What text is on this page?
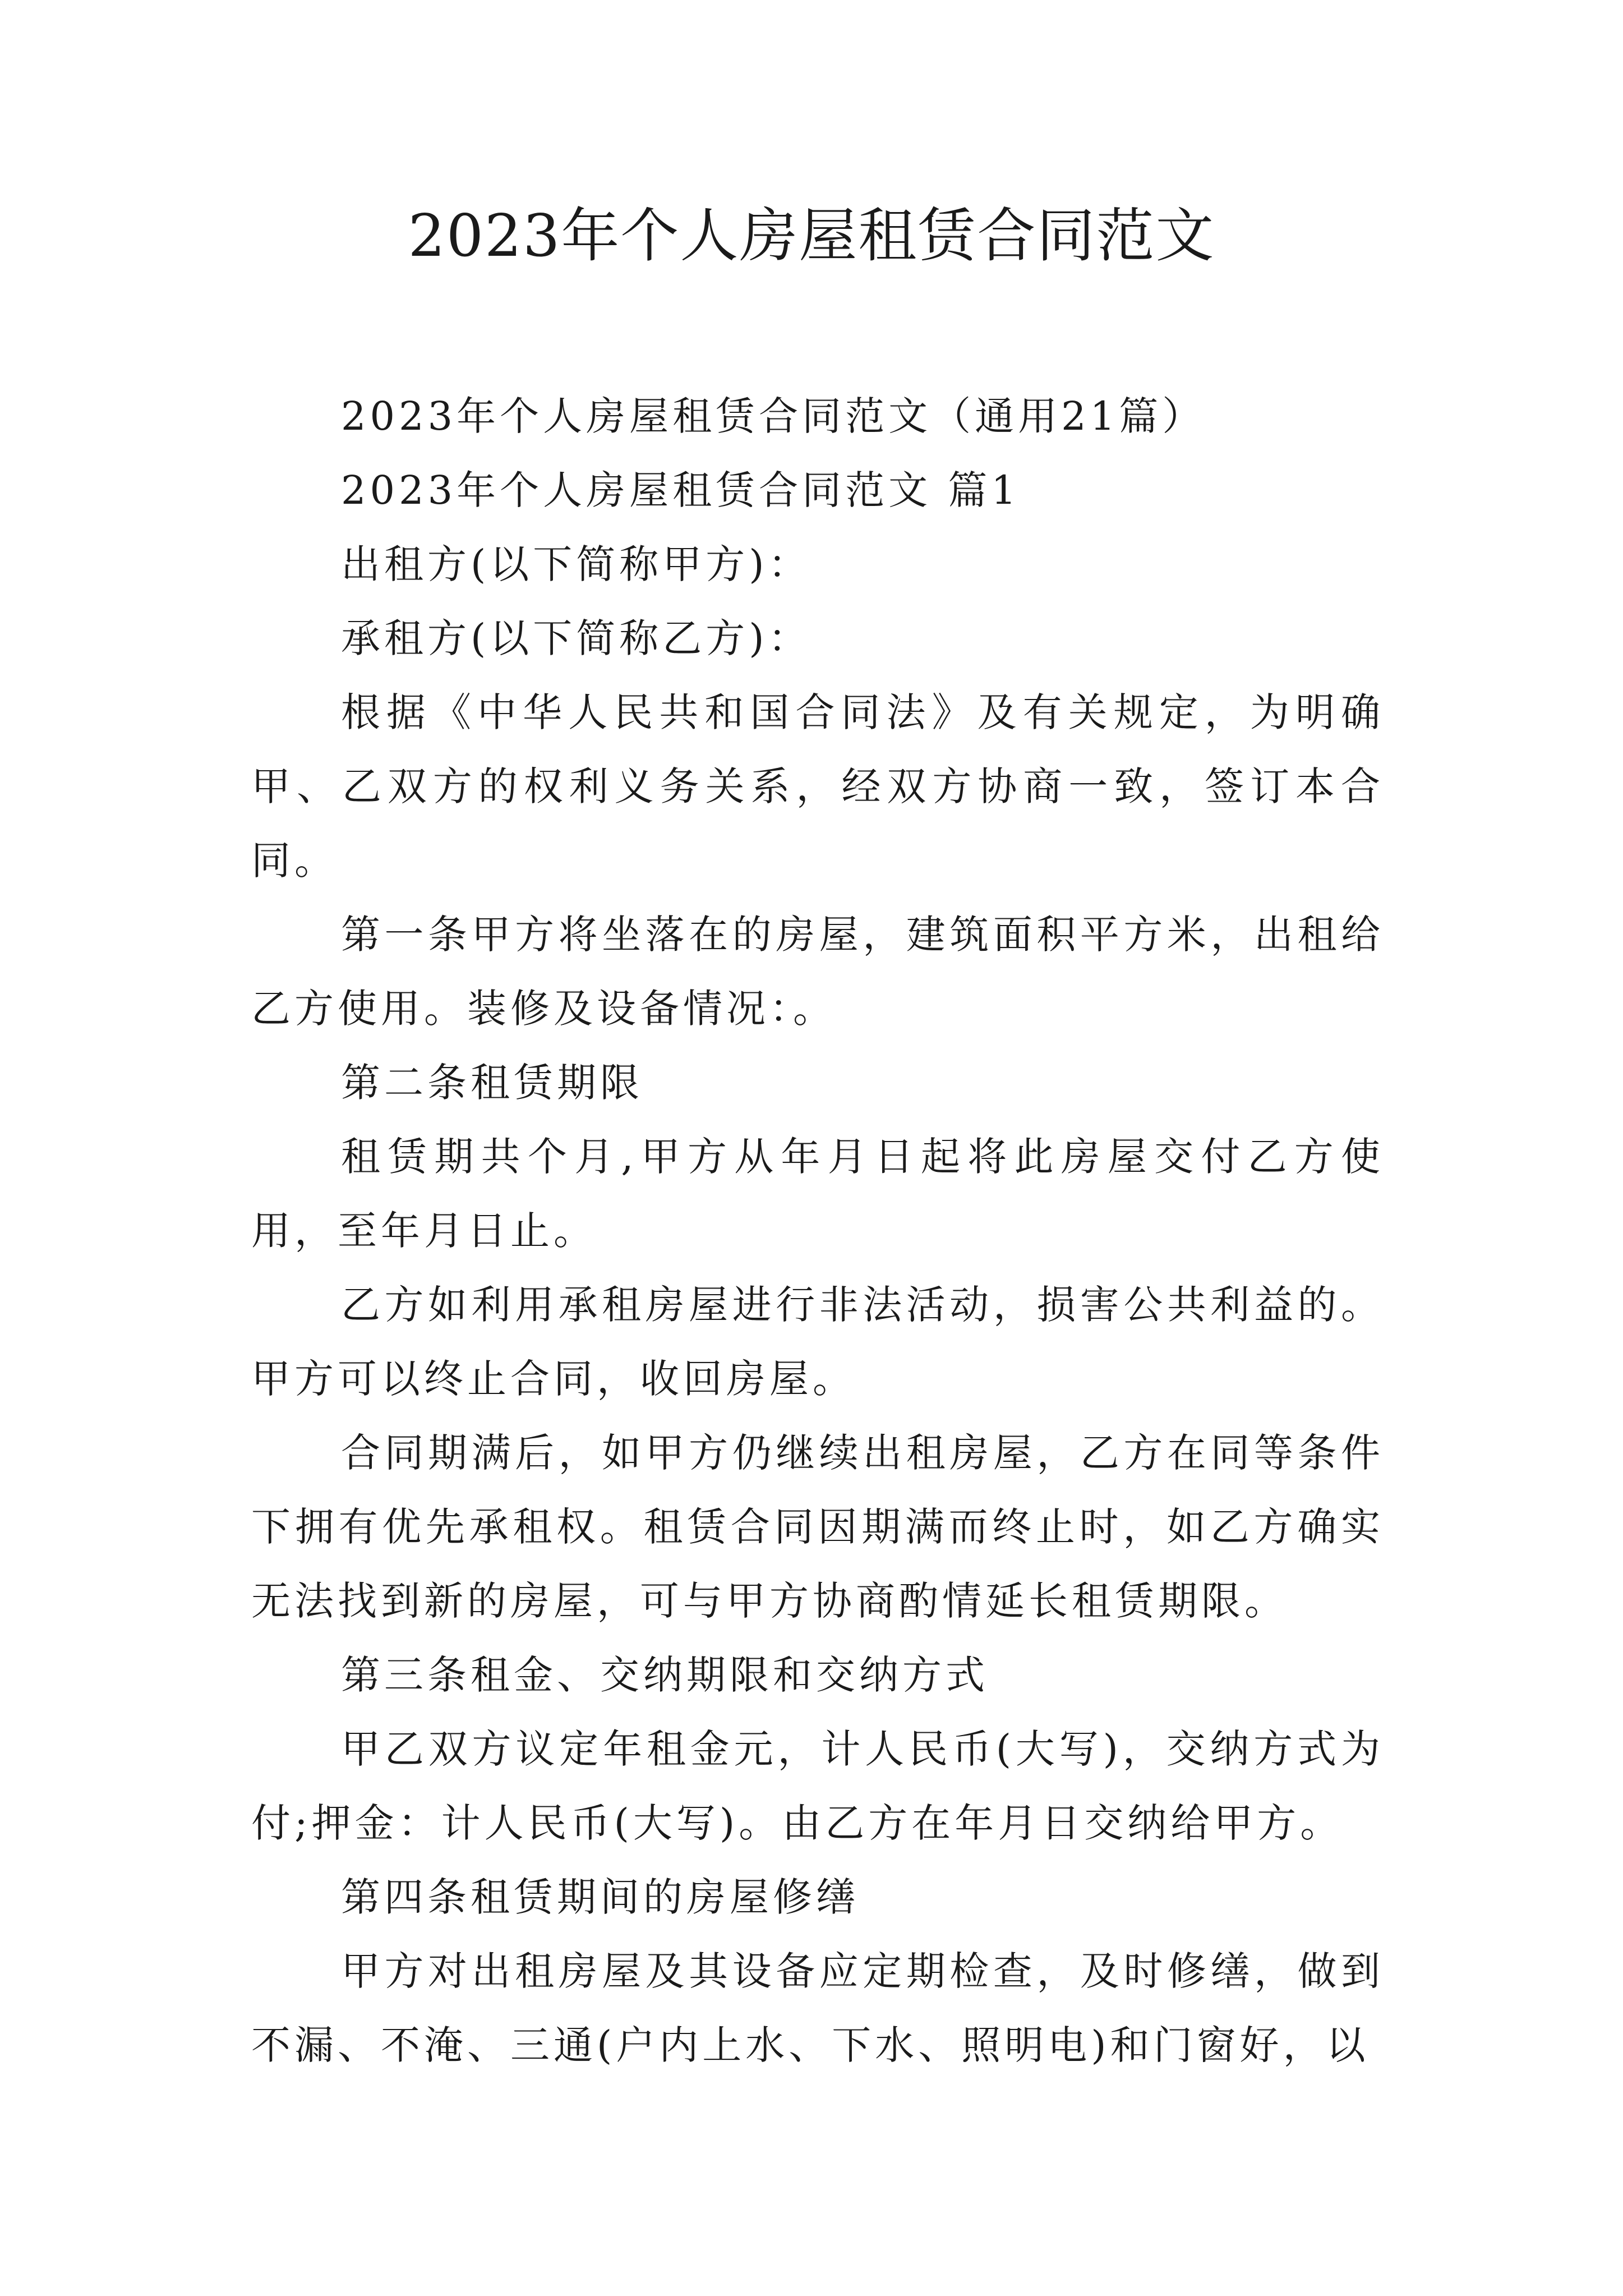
2023年个人房屋租赁合同范文

2023年个人房屋租赁合同范文（通用21篇）

2023年个人房屋租赁合同范文 篇1

出租方(以下简称甲方)：

承租方(以下简称乙方)：

根据《中华人民共和国合同法》及有关规定，为明确甲、乙双方的权利义务关系，经双方协商一致，签订本合同。

第一条甲方将坐落在的房屋，建筑面积平方米，出租给乙方使用。装修及设备情况：。

第二条租赁期限

租赁期共个月,甲方从年月日起将此房屋交付乙方使用，至年月日止。

乙方如利用承租房屋进行非法活动，损害公共利益的。甲方可以终止合同，收回房屋。

合同期满后，如甲方仍继续出租房屋，乙方在同等条件下拥有优先承租权。租赁合同因期满而终止时，如乙方确实无法找到新的房屋，可与甲方协商酌情延长租赁期限。

第三条租金、交纳期限和交纳方式

甲乙双方议定年租金元，计人民币(大写)，交纳方式为付;押金：计人民币(大写)。由乙方在年月日交纳给甲方。

第四条租赁期间的房屋修缮

甲方对出租房屋及其设备应定期检查，及时修缮，做到不漏、不淹、三通(户内上水、下水、照明电)和门窗好，以
